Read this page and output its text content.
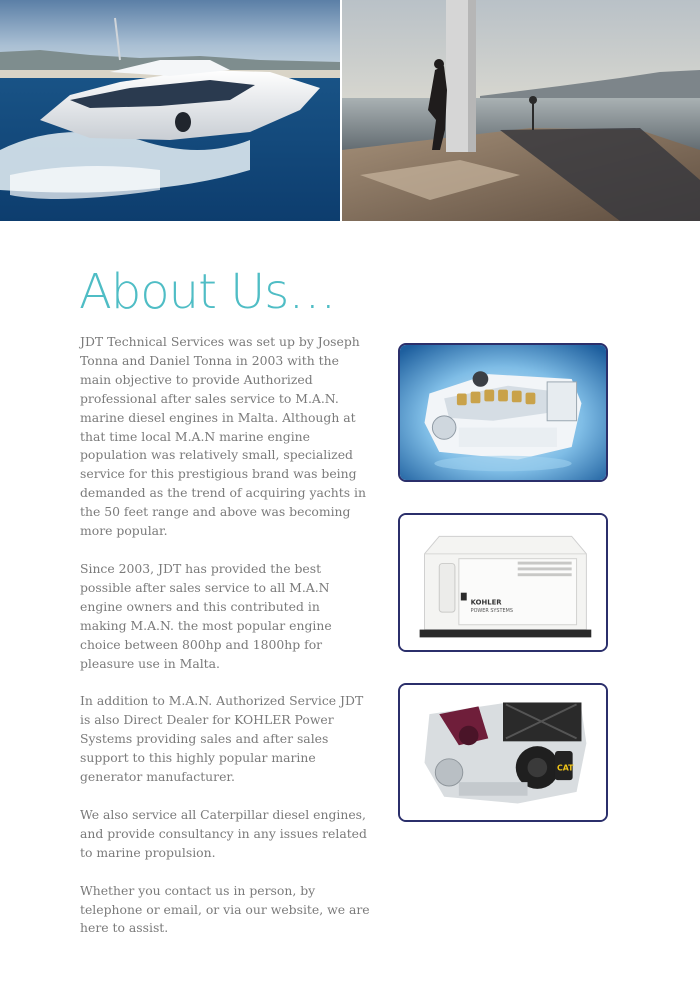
About Us…

JDT Technical Services was set up by Joseph Tonna and Daniel Tonna in 2003 with the main objective to provide Authorized professional after sales service to M.A.N. marine diesel engines in Malta. Although at that time local M.A.N marine engine population was relatively small, specialized service for this prestigious brand was being demanded as the trend of acquiring yachts in the 50 feet range and above was becoming more popular.

Since 2003, JDT has provided the best possible after sales service to all M.A.N engine owners and this contributed in making M.A.N. the most popular engine choice between 800hp and 1800hp for pleasure use in Malta.

In addition to M.A.N. Authorized Service JDT is also Direct Dealer for KOHLER Power Systems providing sales and after sales support to this highly popular marine generator manufacturer.

We also service all Caterpillar diesel engines, and provide consultancy in any issues related to marine propulsion.

Whether you contact us in person, by telephone or email, or via our website, we are here to assist.

KOHLER
POWER SYSTEMS
CAT
